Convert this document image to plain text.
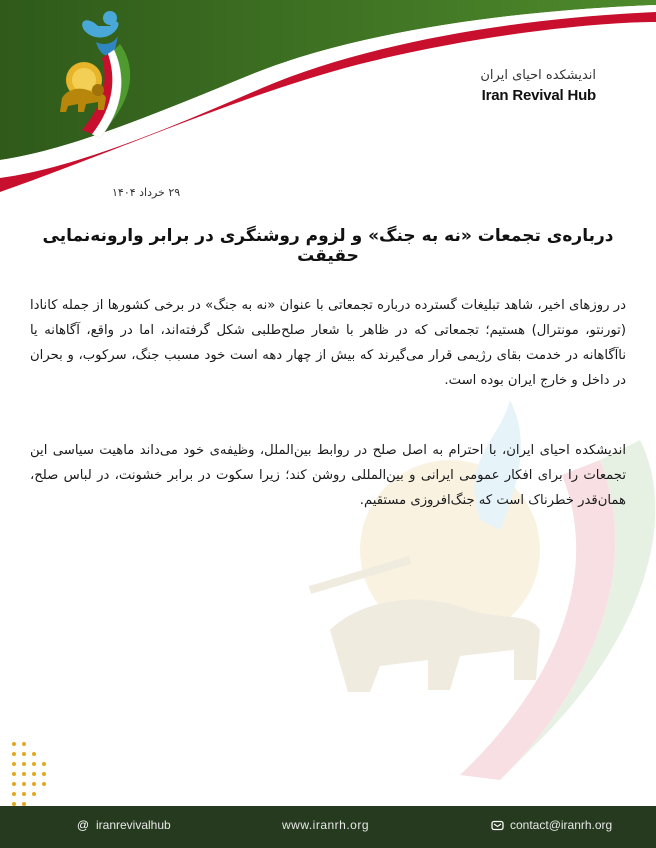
اندیشکده احیای ایران

Iran Revival Hub

۲۹ خرداد ۱۴۰۴
درباره‌ی تجمعات «نه به جنگ» و لزوم روشنگری در برابر وارونه‌نمایی حقیقت

در روزهای اخیر، شاهد تبلیغات گسترده درباره تجمعاتی با عنوان «نه به جنگ» در برخی کشورها از جمله کانادا (تورنتو، مونترال) هستیم؛ تجمعاتی که در ظاهر با شعار صلح‌طلبی شکل گرفته‌اند، اما در واقع، آگاهانه یا ناآگاهانه در خدمت بقای رژیمی قرار می‌گیرند که بیش از چهار دهه است خود مسبب جنگ، سرکوب، و بحران در داخل و خارج ایران بوده است.

اندیشکده احیای ایران، با احترام به اصل صلح در روابط بین‌الملل، وظیفه‌ی خود می‌داند ماهیت سیاسی این تجمعات را برای افکار عمومی ایرانی و بین‌المللی روشن کند؛ زیرا سکوت در برابر خشونت، در لباس صلح، همان‌قدر خطرناک است که جنگ‌افروزی مستقیم.

@ iranrevivalhub	www.iranrh.org	contact@iranrh.org
